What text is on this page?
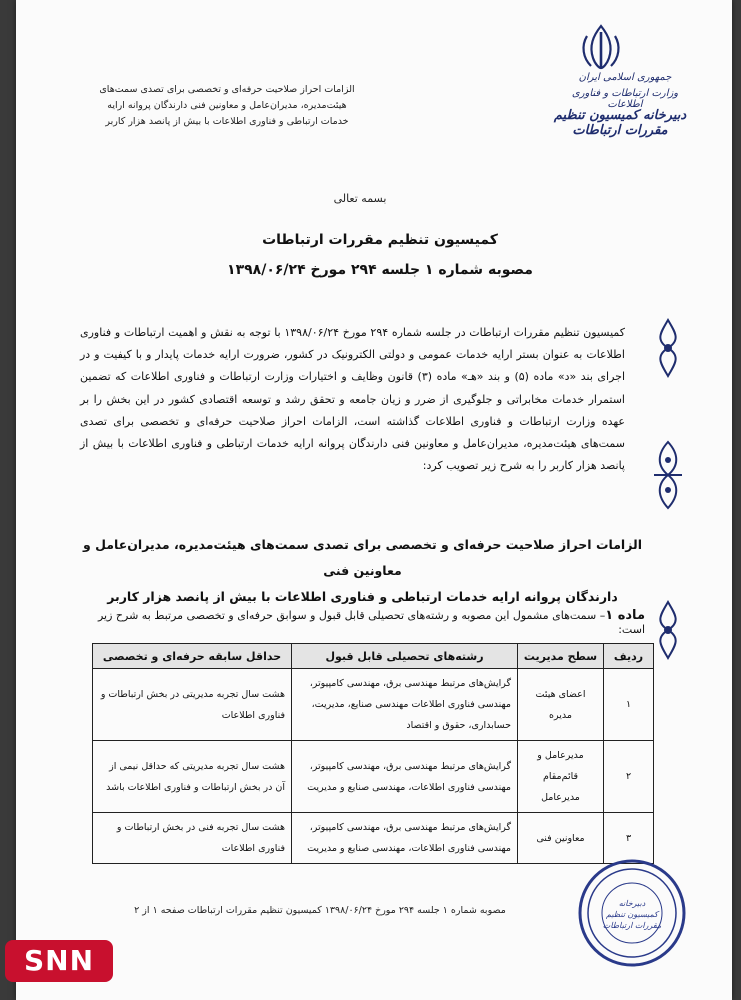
الزامات احراز صلاحیت حرفه‌ای و تخصصی برای تصدی سمت‌های
هیئت‌مدیره، مدیران‌عامل و معاونین فنی دارندگان پروانه ارایه
خدمات ارتباطی و فناوری اطلاعات با بیش از پانصد هزار کاربر
جمهوری اسلامی ایران
وزارت ارتباطات و فناوری اطلاعات
دبیرخانه کمیسیون تنظیم مقررات ارتباطات
بسمه تعالی
کمیسیون تنظیم مقررات ارتباطات
مصوبه شماره ۱ جلسه ۲۹۴ مورخ ۱۳۹۸/۰۶/۲۴
کمیسیون تنظیم مقررات ارتباطات در جلسه شماره ۲۹۴ مورخ ۱۳۹۸/۰۶/۲۴ با توجه به نقش و اهمیت ارتباطات و فناوری اطلاعات به عنوان بستر ارایه خدمات عمومی و دولتی الکترونیک در کشور، ضرورت ارایه خدمات پایدار و با کیفیت و در اجرای بند «د» ماده (۵) و بند «هـ» ماده (۳) قانون وظایف و اختیارات وزارت ارتباطات و فناوری اطلاعات که تضمین استمرار خدمات مخابراتی و جلوگیری از ضرر و زیان جامعه و تحقق رشد و توسعه اقتصادی کشور در این بخش را بر عهده وزارت ارتباطات و فناوری اطلاعات گذاشته است، الزامات احراز صلاحیت حرفه‌ای و تخصصی برای تصدی سمت‌های هیئت‌مدیره، مدیران‌عامل و معاونین فنی دارندگان پروانه ارایه خدمات ارتباطی و فناوری اطلاعات با بیش از پانصد هزار کاربر را به شرح زیر تصویب کرد:
الزامات احراز صلاحیت حرفه‌ای و تخصصی برای تصدی سمت‌های هیئت‌مدیره، مدیران‌عامل و معاونین فنی
دارندگان پروانه ارایه خدمات ارتباطی و فناوری اطلاعات با بیش از پانصد هزار کاربر
ماده ۱– سمت‌های مشمول این مصوبه و رشته‌های تحصیلی قابل قبول و سوابق حرفه‌ای و تخصصی مرتبط به شرح زیر است:
ردیف	سطح مدیریت	رشته‌های تحصیلی قابل قبول	حداقل سابقه حرفه‌ای و تخصصی
۱	اعضای هیئت مدیره	گرایش‌های مرتبط مهندسی برق، مهندسی کامپیوتر، مهندسی فناوری اطلاعات مهندسی صنایع، مدیریت، حسابداری، حقوق و اقتصاد	هشت سال تجربه مدیریتی در بخش ارتباطات و فناوری اطلاعات
۲	مدیرعامل و قائم‌مقام مدیرعامل	گرایش‌های مرتبط مهندسی برق، مهندسی کامپیوتر، مهندسی فناوری اطلاعات، مهندسی صنایع و مدیریت	هشت سال تجربه مدیریتی که حداقل نیمی از آن در بخش ارتباطات و فناوری اطلاعات باشد
۳	معاونین فنی	گرایش‌های مرتبط مهندسی برق، مهندسی کامپیوتر، مهندسی فناوری اطلاعات، مهندسی صنایع و مدیریت	هشت سال تجربه فنی در بخش ارتباطات و فناوری اطلاعات
مصوبه شماره ۱ جلسه ۲۹۴ مورخ ۱۳۹۸/۰۶/۲۴ کمیسیون تنظیم مقررات ارتباطات صفحه ۱ از ۲
دبیرخانه
کمیسیون تنظیم
مقررات ارتباطات
SNN
